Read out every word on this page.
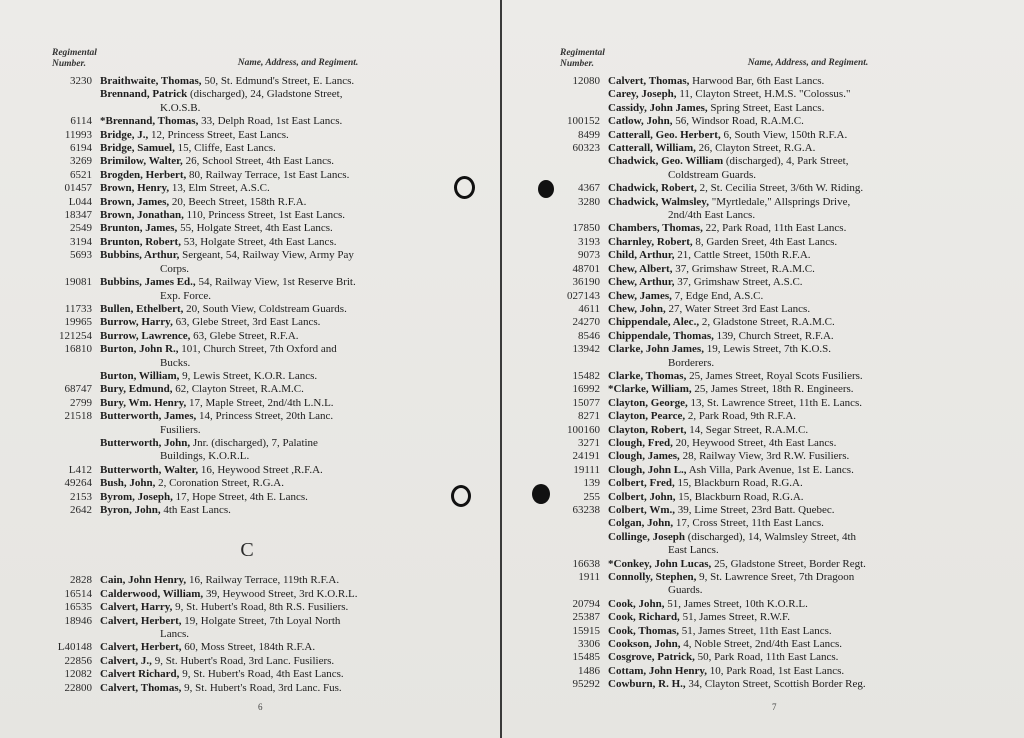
Regimental Number.	Name, Address, and Regiment.
3230 Braithwaite, Thomas, 50, St. Edmund's Street, E. Lancs.
Brennand, Patrick (discharged), 24, Gladstone Street,
K.O.S.B.
6114 *Brennand, Thomas, 33, Delph Road, 1st East Lancs.
11993 Bridge, J., 12, Princess Street, East Lancs.
6194 Bridge, Samuel, 15, Cliffe, East Lancs.
3269 Brimilow, Walter, 26, School Street, 4th East Lancs.
6521 Brogden, Herbert, 80, Railway Terrace, 1st East Lancs.
01457 Brown, Henry, 13, Elm Street, A.S.C.
L044 Brown, James, 20, Beech Street, 158th R.F.A.
18347 Brown, Jonathan, 110, Princess Street, 1st East Lancs.
2549 Brunton, James, 55, Holgate Street, 4th East Lancs.
3194 Brunton, Robert, 53, Holgate Street, 4th East Lancs.
5693 Bubbins, Arthur, Sergeant, 54, Railway View, Army Pay
Corps.
19081 Bubbins, James Ed., 54, Railway View, 1st Reserve Brit.
Exp. Force.
11733 Bullen, Ethelbert, 20, South View, Coldstream Guards.
19965 Burrow, Harry, 63, Glebe Street, 3rd East Lancs.
121254 Burrow, Lawrence, 63, Glebe Street, R.F.A.
16810 Burton, John R., 101, Church Street, 7th Oxford and
Bucks.
Burton, William, 9, Lewis Street, K.O.R. Lancs.
68747 Bury, Edmund, 62, Clayton Street, R.A.M.C.
2799 Bury, Wm. Henry, 17, Maple Street, 2nd/4th L.N.L.
21518 Butterworth, James, 14, Princess Street, 20th Lanc.
Fusiliers.
Butterworth, John, Jnr. (discharged), 7, Palatine
Buildings, K.O.R.L.
L412 Butterworth, Walter, 16, Heywood Street ,R.F.A.
49264 Bush, John, 2, Coronation Street, R.G.A.
2153 Byrom, Joseph, 17, Hope Street, 4th E. Lancs.
2642 Byron, John, 4th East Lancs.
C
2828 Cain, John Henry, 16, Railway Terrace, 119th R.F.A.
16514 Calderwood, William, 39, Heywood Street, 3rd K.O.R.L.
16535 Calvert, Harry, 9, St. Hubert's Road, 8th R.S. Fusiliers.
18946 Calvert, Herbert, 19, Holgate Street, 7th Loyal North
Lancs.
L40148 Calvert, Herbert, 60, Moss Street, 184th R.F.A.
22856 Calvert, J., 9, St. Hubert's Road, 3rd Lanc. Fusiliers.
12082 Calvert Richard, 9, St. Hubert's Road, 4th East Lancs.
22800 Calvert, Thomas, 9, St. Hubert's Road, 3rd Lanc. Fus.
6
Regimental Number.	Name, Address, and Regiment.
12080 Calvert, Thomas, Harwood Bar, 6th East Lancs.
Carey, Joseph, 11, Clayton Street, H.M.S. "Colossus."
Cassidy, John James, Spring Street, East Lancs.
100152 Catlow, John, 56, Windsor Road, R.A.M.C.
8499 Catterall, Geo. Herbert, 6, South View, 150th R.F.A.
60323 Catterall, William, 26, Clayton Street, R.G.A.
Chadwick, Geo. William (discharged), 4, Park Street,
Coldstream Guards.
4367 Chadwick, Robert, 2, St. Cecilia Street, 3/6th W. Riding.
3280 Chadwick, Walmsley, "Myrtledale," Allsprings Drive,
2nd/4th East Lancs.
17850 Chambers, Thomas, 22, Park Road, 11th East Lancs.
3193 Charnley, Robert, 8, Garden Sreet, 4th East Lancs.
9073 Child, Arthur, 21, Cattle Street, 150th R.F.A.
48701 Chew, Albert, 37, Grimshaw Street, R.A.M.C.
36190 Chew, Arthur, 37, Grimshaw Street, A.S.C.
027143 Chew, James, 7, Edge End, A.S.C.
4611 Chew, John, 27, Water Street 3rd East Lancs.
24270 Chippendale, Alec., 2, Gladstone Street, R.A.M.C.
8546 Chippendale, Thomas, 139, Church Street, R.F.A.
13942 Clarke, John James, 19, Lewis Street, 7th K.O.S.
Borderers.
15482 Clarke, Thomas, 25, James Street, Royal Scots Fusiliers.
16992 *Clarke, William, 25, James Street, 18th R. Engineers.
15077 Clayton, George, 13, St. Lawrence Street, 11th E. Lancs.
8271 Clayton, Pearce, 2, Park Road, 9th R.F.A.
100160 Clayton, Robert, 14, Segar Street, R.A.M.C.
3271 Clough, Fred, 20, Heywood Street, 4th East Lancs.
24191 Clough, James, 28, Railway View, 3rd R.W. Fusiliers.
19111 Clough, John L., Ash Villa, Park Avenue, 1st E. Lancs.
139 Colbert, Fred, 15, Blackburn Road, R.G.A.
255 Colbert, John, 15, Blackburn Road, R.G.A.
63238 Colbert, Wm., 39, Lime Street, 23rd Batt. Quebec.
Colgan, John, 17, Cross Street, 11th East Lancs.
Collinge, Joseph (discharged), 14, Walmsley Street, 4th
East Lancs.
16638 *Conkey, John Lucas, 25, Gladstone Street, Border Regt.
1911 Connolly, Stephen, 9, St. Lawrence Sreet, 7th Dragoon
Guards.
20794 Cook, John, 51, James Street, 10th K.O.R.L.
25387 Cook, Richard, 51, James Street, R.W.F.
15915 Cook, Thomas, 51, James Street, 11th East Lancs.
3306 Cookson, John, 4, Noble Street, 2nd/4th East Lancs.
15485 Cosgrove, Patrick, 50, Park Road, 11th East Lancs.
1486 Cottam, John Henry, 10, Park Road, 1st East Lancs.
95292 Cowburn, R. H., 34, Clayton Street, Scottish Border Reg.
7
